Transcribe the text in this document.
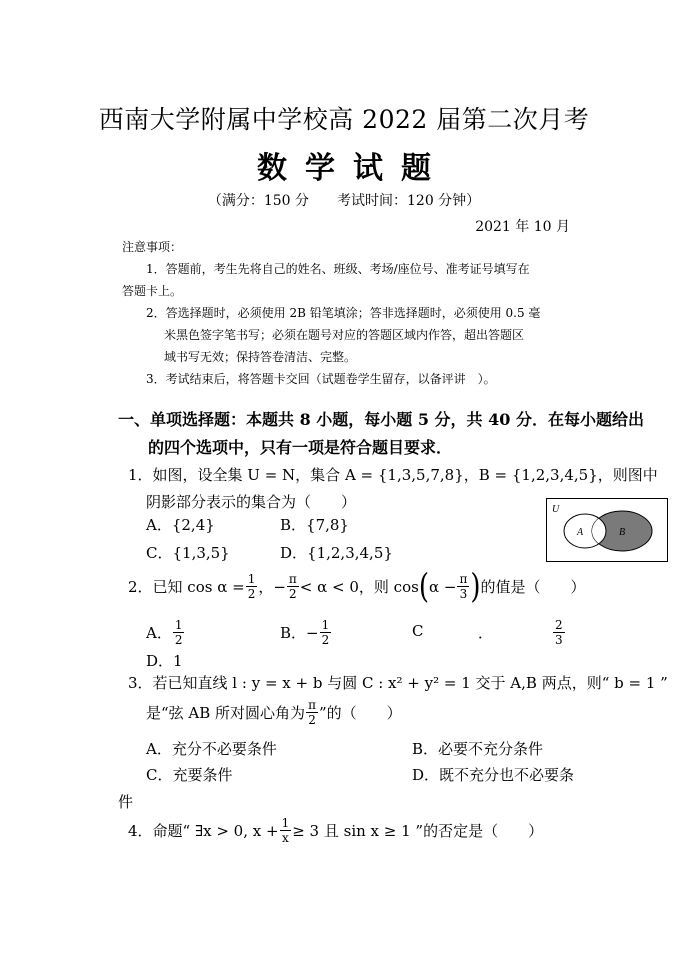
西南大学附属中学校高 2022 届第二次月考
数学试题
（满分：150 分　　考试时间：120 分钟）
2021 年 10 月
注意事项：
1．答题前，考生先将自己的姓名、班级、考场/座位号、准考证号填写在
答题卡上。
2．答选择题时，必须使用 2B 铅笔填涂；答非选择题时，必须使用 0.5 毫
米黑色签字笔书写；必须在题号对应的答题区域内作答，超出答题区
域书写无效；保持答卷清洁、完整。
3．考试结束后，将答题卡交回（试题卷学生留存，以备评讲　）。
一、单项选择题：本题共 8 小题，每小题 5 分，共 40 分．在每小题给出
的四个选项中，只有一项是符合题目要求．
1．如图，设全集 U = N，集合 A = {1,3,5,7,8}，B = {1,2,3,4,5}，则图中
阴影部分表示的集合为（　　）
A．{2,4}	B．{7,8}
C．{1,3,5}	D．{1,2,3,4,5}
U
A	B
2．已知 $\cos \alpha = \frac{1}{2}$ ，− $\frac{\pi}{2} < \alpha < 0$，则 cos ( $\alpha - \frac{\pi}{3}$ ) 的值是（　　）
A． $\frac{1}{2}$	B．− $\frac{1}{2}$	C	．	$\frac{2}{3}$
D．1
3．若已知直线 l : y = x + b 与圆 C : x² + y² = 1 交于 A,B 两点，则“ b = 1 ”
是“弦 AB 所对圆心角为 $\frac{\pi}{2}$ ”的（　　）
A．充分不必要条件	B．必要不充分条件
C．充要条件	D．既不充分也不必要条
件
4．命题“ ∃x > 0, $x + \frac{1}{x} \ge 3$ 且 sin x ≥ 1 ”的否定是（　　）
